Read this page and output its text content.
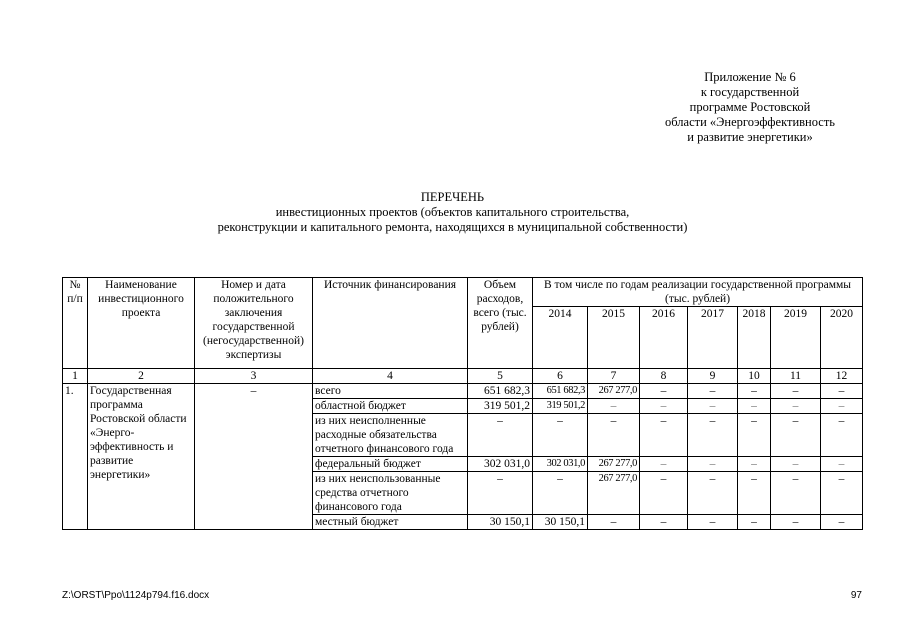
Приложение № 6
к государственной
программе Ростовской
области «Энергоэффективность
и развитие энергетики»
ПЕРЕЧЕНЬ
инвестиционных проектов (объектов капитального строительства,
реконструкции и капитального ремонта, находящихся в муниципальной собственности)
№ п/п	Наименование инвестиционного проекта	Номер и дата положительного заключения государственной (негосударственной) экспертизы	Источник финансирования	Объем расходов, всего (тыс. рублей)	В том числе по годам реализации государственной программы (тыс. рублей)						
					2014	2015	2016	2017	2018	2019	2020
1	2	3	4	5	6	7	8	9	10	11	12
1.	Государственная программа Ростовской области «Энерго-эффективность и развитие энергетики»	–	всего	651 682,3	651 682,3	267 277,0	–	–	–	–	–
			областной бюджет	319 501,2	319 501,2	–	–	–	–	–	–
			из них неисполненные расходные обязательства отчетного финансового года	–	–	–	–	–	–	–	–
			федеральный бюджет	302 031,0	302 031,0	267 277,0	–	–	–	–	–
			из них неиспользованные средства отчетного финансового года	–	–	267 277,0	–	–	–	–	–
			местный бюджет	30 150,1	30 150,1	–	–	–	–	–	–
Z:\ORST\Ppo\1124p794.f16.docx	97
